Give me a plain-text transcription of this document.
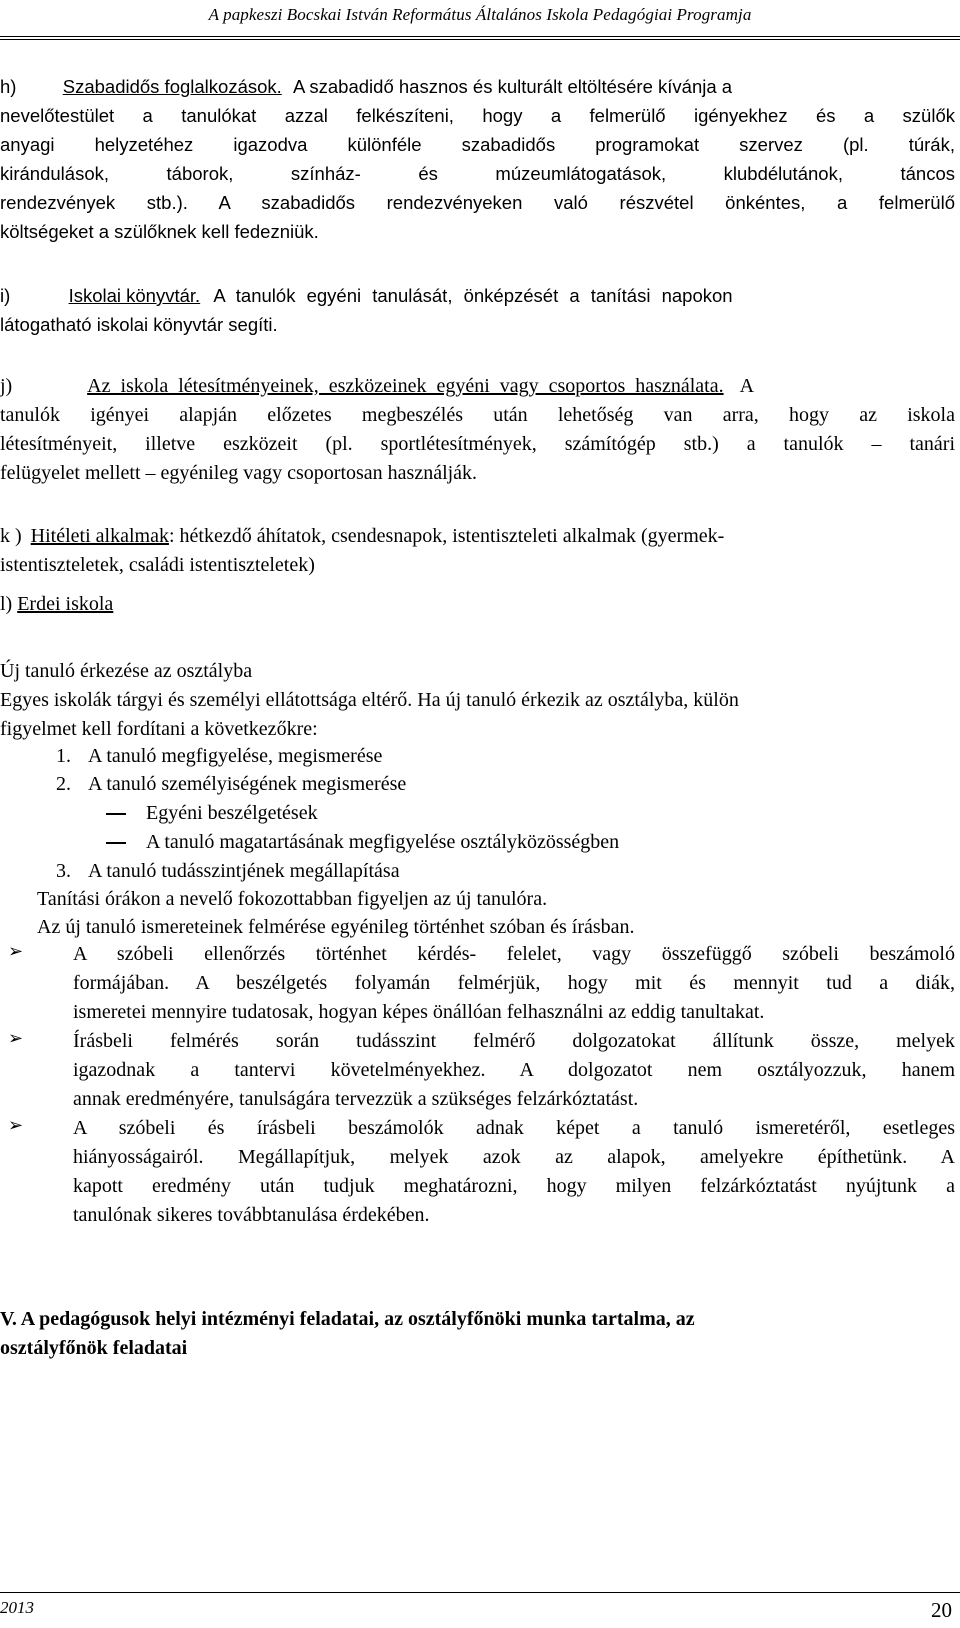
A papkeszi Bocskai István Református Általános Iskola Pedagógiai Programja
h)	Szabadidős foglalkozások. A szabadidő hasznos és kulturált eltöltésére kívánja a
nevelőtestület a tanulókat azzal felkészíteni, hogy a felmerülő igényekhez és a szülők
anyagi helyzetéhez igazodva különféle szabadidős programokat szervez (pl. túrák,
kirándulások, táborok, színház- és múzeumlátogatások, klubdélutánok, táncos
rendezvények stb.). A szabadidős rendezvényeken való részvétel önkéntes, a felmerülő
költségeket a szülőknek kell fedezniük.
i)	Iskolai könyvtár. A tanulók egyéni tanulását, önképzését a tanítási napokon
látogatható iskolai könyvtár segíti.
j)	Az iskola létesítményeinek, eszközeinek egyéni vagy csoportos használata. A
tanulók igényei alapján előzetes megbeszélés után lehetőség van arra, hogy az iskola
létesítményeit, illetve eszközeit (pl. sportlétesítmények, számítógép stb.) a tanulók – tanári
felügyelet mellett – egyénileg vagy csoportosan használják.
k ) Hitéleti alkalmak: hétkezdő áhítatok, csendesnapok, istentiszteleti alkalmak (gyermek-
istentiszteletek, családi istentiszteletek)
l) Erdei iskola
Új tanuló érkezése az osztályba
Egyes iskolák tárgyi és személyi ellátottsága eltérő. Ha új tanuló érkezik az osztályba, külön
figyelmet kell fordítani a következőkre:
1. A tanuló megfigyelése, megismerése
2. A tanuló személyiségének megismerése
Egyéni beszélgetések
A tanuló magatartásának megfigyelése osztályközösségben
3. A tanuló tudásszintjének megállapítása
Tanítási órákon a nevelő fokozottabban figyeljen az új tanulóra.
Az új tanuló ismereteinek felmérése egyénileg történhet szóban és írásban.
➢ A szóbeli ellenőrzés történhet kérdés- felelet, vagy összefüggő szóbeli beszámoló
formájában. A beszélgetés folyamán felmérjük, hogy mit és mennyit tud a diák,
ismeretei mennyire tudatosak, hogyan képes önállóan felhasználni az eddig tanultakat.
➢ Írásbeli felmérés során tudásszint felmérő dolgozatokat állítunk össze, melyek
igazodnak a tantervi követelményekhez. A dolgozatot nem osztályozzuk, hanem
annak eredményére, tanulságára tervezzük a szükséges felzárkóztatást.
➢ A szóbeli és írásbeli beszámolók adnak képet a tanuló ismeretéről, esetleges
hiányosságairól. Megállapítjuk, melyek azok az alapok, amelyekre építhetünk. A
kapott eredmény után tudjuk meghatározni, hogy milyen felzárkóztatást nyújtunk a
tanulónak sikeres továbbtanulása érdekében.
V. A pedagógusok helyi intézményi feladatai, az osztályfőnöki munka tartalma, az
osztályfőnök feladatai
2013	20
